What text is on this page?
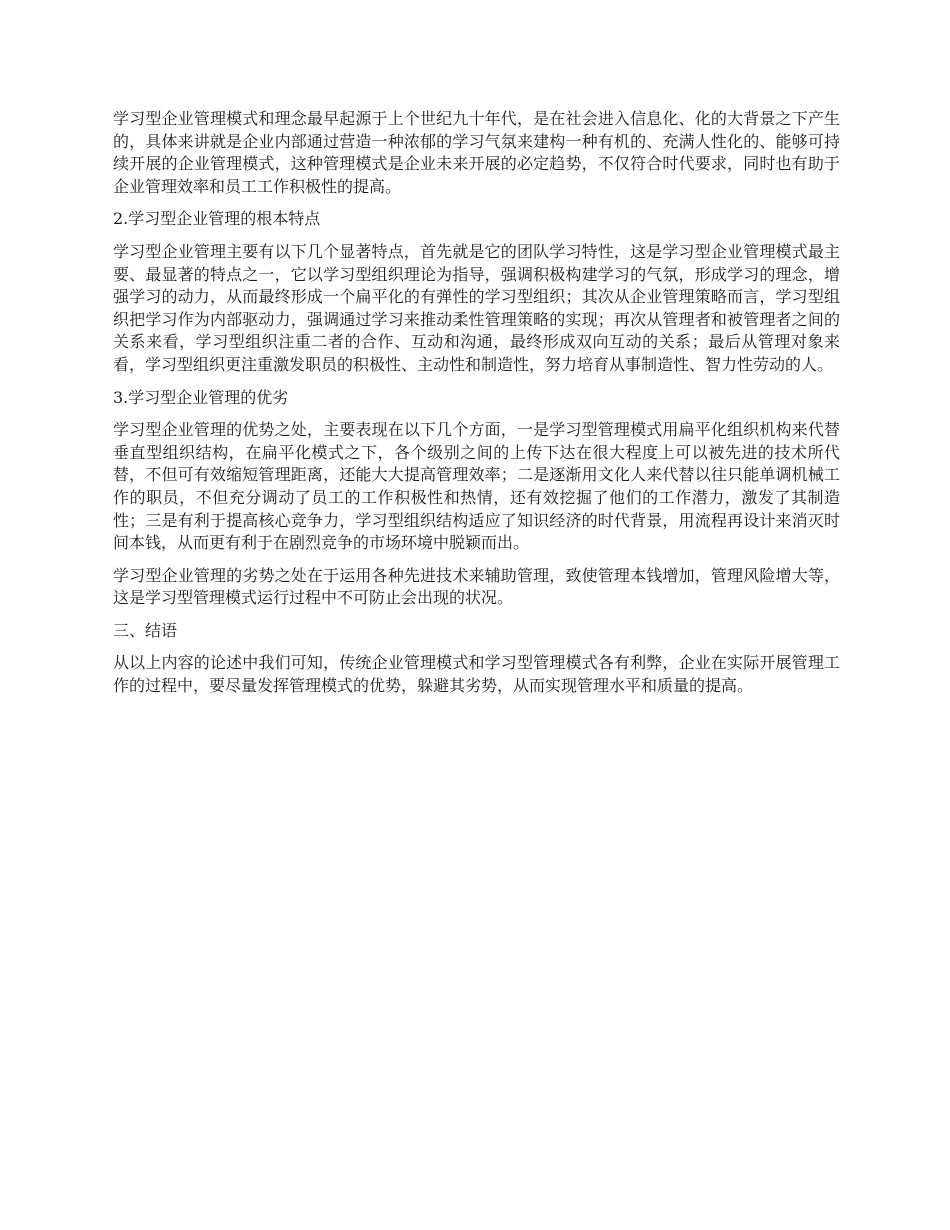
学习型企业管理模式和理念最早起源于上个世纪九十年代，是在社会进入信息化、化的大背景之下产生的，具体来讲就是企业内部通过营造一种浓郁的学习气氛来建构一种有机的、充满人性化的、能够可持续开展的企业管理模式，这种管理模式是企业未来开展的必定趋势，不仅符合时代要求，同时也有助于企业管理效率和员工工作积极性的提高。

2.学习型企业管理的根本特点

学习型企业管理主要有以下几个显著特点，首先就是它的团队学习特性，这是学习型企业管理模式最主要、最显著的特点之一，它以学习型组织理论为指导，强调积极构建学习的气氛，形成学习的理念，增强学习的动力，从而最终形成一个扁平化的有弹性的学习型组织；其次从企业管理策略而言，学习型组织把学习作为内部驱动力，强调通过学习来推动柔性管理策略的实现；再次从管理者和被管理者之间的关系来看，学习型组织注重二者的合作、互动和沟通，最终形成双向互动的关系；最后从管理对象来看，学习型组织更注重激发职员的积极性、主动性和制造性，努力培育从事制造性、智力性劳动的人。

3.学习型企业管理的优劣

学习型企业管理的优势之处，主要表现在以下几个方面，一是学习型管理模式用扁平化组织机构来代替垂直型组织结构，在扁平化模式之下，各个级别之间的上传下达在很大程度上可以被先进的技术所代替，不但可有效缩短管理距离，还能大大提高管理效率；二是逐渐用文化人来代替以往只能单调机械工作的职员，不但充分调动了员工的工作积极性和热情，还有效挖掘了他们的工作潜力，激发了其制造性；三是有利于提高核心竞争力，学习型组织结构适应了知识经济的时代背景，用流程再设计来消灭时间本钱，从而更有利于在剧烈竞争的市场环境中脱颖而出。

学习型企业管理的劣势之处在于运用各种先进技术来辅助管理，致使管理本钱增加，管理风险增大等，这是学习型管理模式运行过程中不可防止会出现的状况。

三、结语

从以上内容的论述中我们可知，传统企业管理模式和学习型管理模式各有利弊，企业在实际开展管理工作的过程中，要尽量发挥管理模式的优势，躲避其劣势，从而实现管理水平和质量的提高。
